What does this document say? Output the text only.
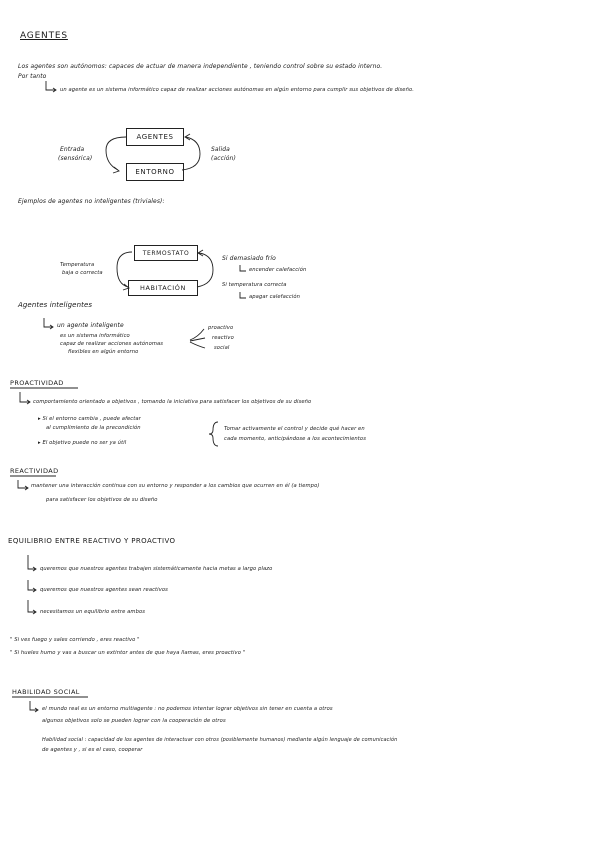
AGENTES
Los agentes son autónomos: capaces de actuar de manera independiente , teniendo control sobre su estado interno.
Por tanto
un agente es un sistema informático capaz de realizar acciones autónomas en algún entorno para cumplir sus objetivos de diseño.
AGENTES
ENTORNO
Entrada
(sensórica)
Salida
(acción)
Ejemplos de agentes no inteligentes (triviales):
TERMOSTATO
HABITACIÓN
Temperatura
baja o correcta
Si demasiado frío
encender calefacción
Si temperatura correcta
apagar calefacción
Agentes inteligentes
un agente inteligente
es un sistema informático
capaz de realizar acciones autónomas
flexibles en algún entorno
proactivo
reactivo
social
PROACTIVIDAD
comportamiento orientado a objetivos , tomando la iniciativa para satisfacer los objetivos de su diseño
▸ Si el entorno cambia , puede afectar
al cumplimiento de la precondición
▸ El objetivo puede no ser ya útil
Tomar activamente el control y decide qué hacer en
cada momento, anticipándose a los acontecimientos
REACTIVIDAD
mantener una interacción continua con su entorno y responder a los cambios que ocurren en él (a tiempo)
para satisfacer los objetivos de su diseño
EQUILIBRIO ENTRE REACTIVO Y PROACTIVO
queremos que nuestros agentes trabajen sistemáticamente hacia metas a largo plazo
queremos que nuestros agentes sean reactivos
necesitamos un equilibrio entre ambos
" Si ves fuego y sales corriendo , eres reactivo "
" Si hueles humo y vas a buscar un extintor antes de que haya llamas, eres proactivo "
HABILIDAD SOCIAL
el mundo real es un entorno multiagente : no podemos intentar lograr objetivos sin tener en cuenta a otros
algunos objetivos solo se pueden lograr con la cooperación de otros
Habilidad social : capacidad de los agentes de interactuar con otros (posiblemente humanos) mediante algún lenguaje de comunicación
de agentes y , si es el caso, cooperar
